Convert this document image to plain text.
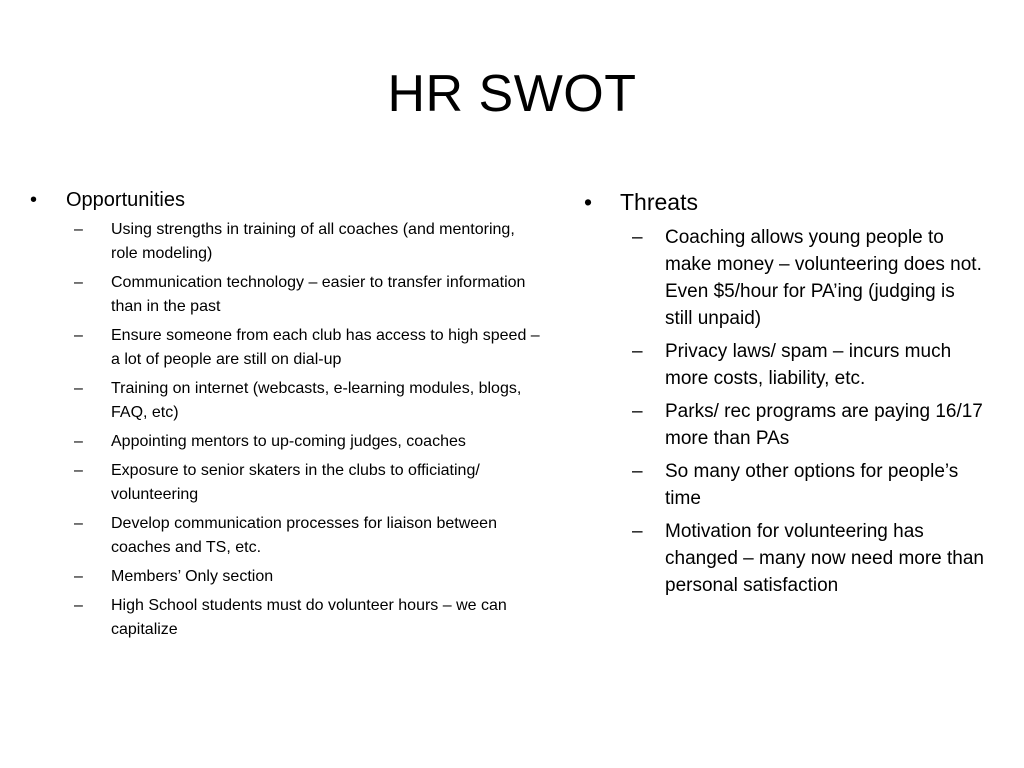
HR SWOT
• Opportunities
– Using strengths in training of all coaches (and mentoring, role modeling)
– Communication technology – easier to transfer information than in the past
– Ensure someone from each club has access to high speed – a lot of people are still on dial-up
– Training on internet (webcasts, e-learning modules, blogs, FAQ, etc)
– Appointing mentors to up-coming judges, coaches
– Exposure to senior skaters in the clubs to officiating/ volunteering
– Develop communication processes for liaison between coaches and TS, etc.
– Members’ Only section
– High School students must do volunteer hours – we can capitalize
• Threats
– Coaching allows young people to make money – volunteering does not. Even $5/hour for PA’ing (judging is still unpaid)
– Privacy laws/ spam – incurs much more costs, liability, etc.
– Parks/ rec programs are paying 16/17 more than PAs
– So many other options for people’s time
– Motivation for volunteering has changed – many now need more than personal satisfaction
